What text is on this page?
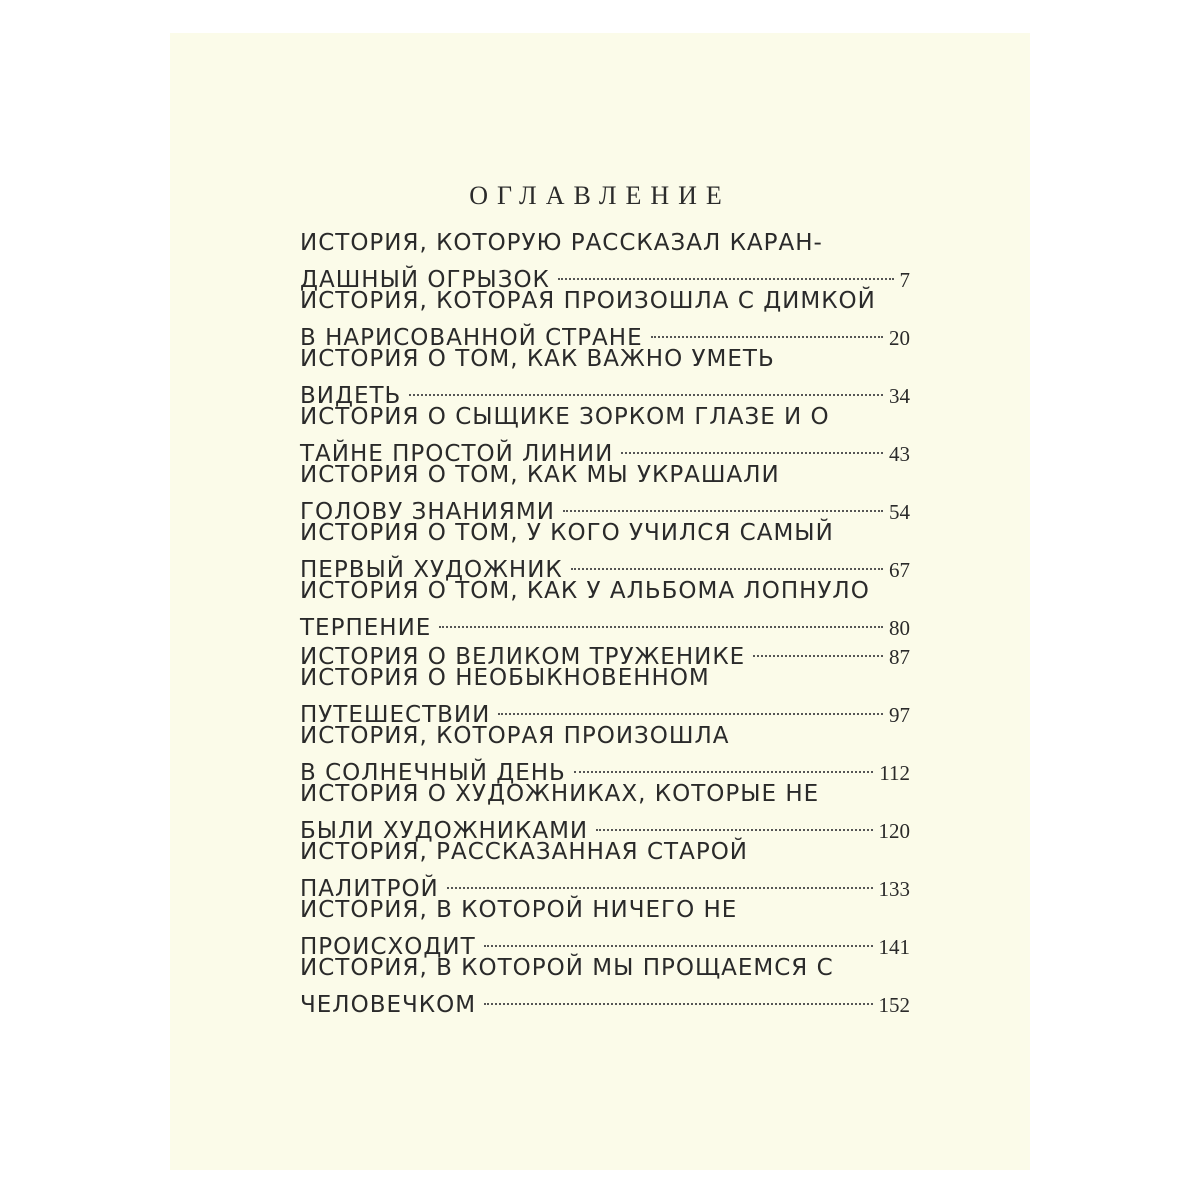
ОГЛАВЛЕНИЕ
ИСТОРИЯ, КОТОРУЮ РАССКАЗАЛ КАРАН-
ДАШНЫЙ ОГРЫЗОК	7
ИСТОРИЯ, КОТОРАЯ ПРОИЗОШЛА С ДИМКОЙ
В НАРИСОВАННОЙ СТРАНЕ	20
ИСТОРИЯ О ТОМ, КАК ВАЖНО УМЕТЬ
ВИДЕТЬ	34
ИСТОРИЯ О СЫЩИКЕ ЗОРКОМ ГЛАЗЕ И О
ТАЙНЕ ПРОСТОЙ ЛИНИИ	43
ИСТОРИЯ О ТОМ, КАК МЫ УКРАШАЛИ
ГОЛОВУ ЗНАНИЯМИ	54
ИСТОРИЯ О ТОМ, У КОГО УЧИЛСЯ САМЫЙ
ПЕРВЫЙ ХУДОЖНИК	67
ИСТОРИЯ О ТОМ, КАК У АЛЬБОМА ЛОПНУЛО
ТЕРПЕНИЕ	80
ИСТОРИЯ О ВЕЛИКОМ ТРУЖЕНИКЕ	87
ИСТОРИЯ О НЕОБЫКНОВЕННОМ
ПУТЕШЕСТВИИ	97
ИСТОРИЯ, КОТОРАЯ ПРОИЗОШЛА
В СОЛНЕЧНЫЙ ДЕНЬ	112
ИСТОРИЯ О ХУДОЖНИКАХ, КОТОРЫЕ НЕ
БЫЛИ ХУДОЖНИКАМИ	120
ИСТОРИЯ, РАССКАЗАННАЯ СТАРОЙ
ПАЛИТРОЙ	133
ИСТОРИЯ, В КОТОРОЙ НИЧЕГО НЕ
ПРОИСХОДИТ	141
ИСТОРИЯ, В КОТОРОЙ МЫ ПРОЩАЕМСЯ С
ЧЕЛОВЕЧКОМ	152
